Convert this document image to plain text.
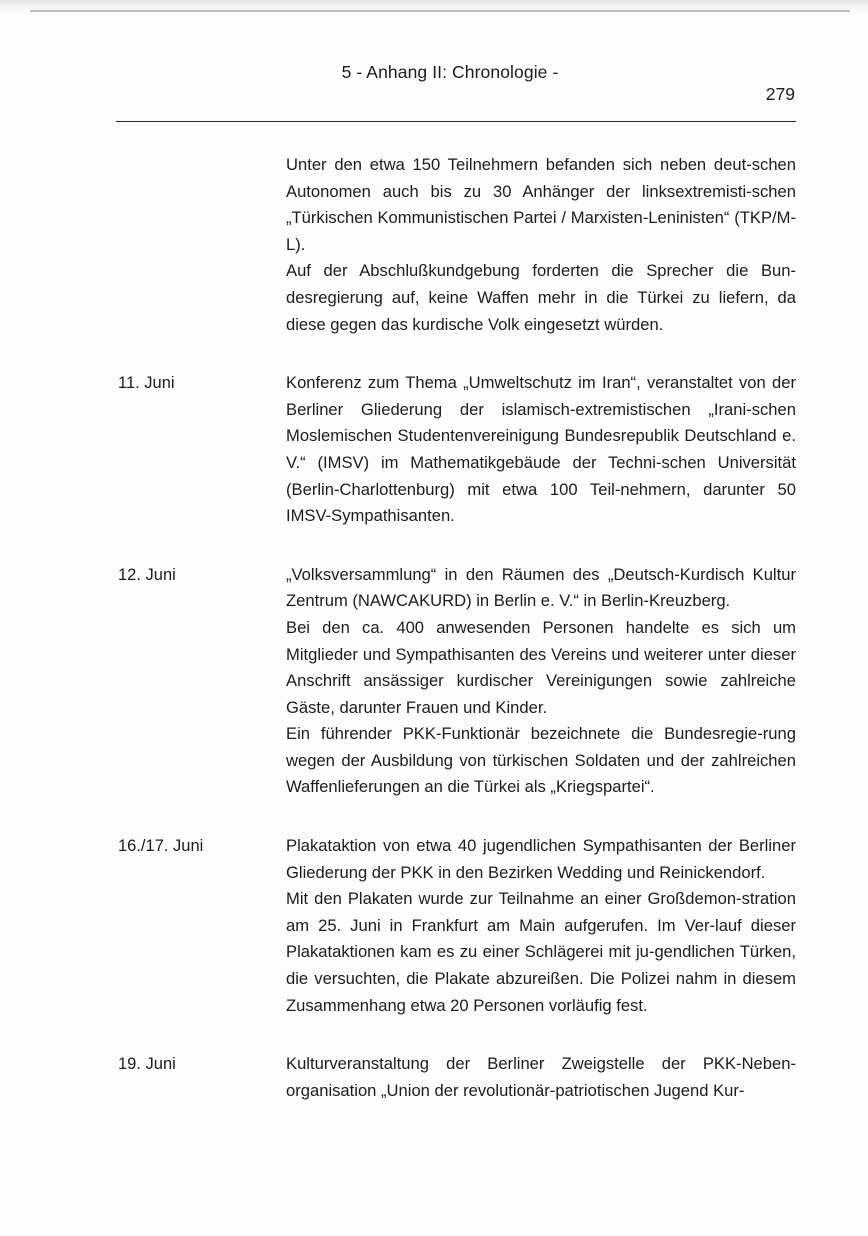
5 - Anhang II: Chronologie -
279

Unter den etwa 150 Teilnehmern befanden sich neben deut-schen Autonomen auch bis zu 30 Anhänger der linksextremisti-schen „Türkischen Kommunistischen Partei / Marxisten-Leninisten“ (TKP/M-L).

Auf der Abschlußkundgebung forderten die Sprecher die Bun-desregierung auf, keine Waffen mehr in die Türkei zu liefern, da diese gegen das kurdische Volk eingesetzt würden.

11. Juni	Konferenz zum Thema „Umweltschutz im Iran“, veranstaltet von der Berliner Gliederung der islamisch-extremistischen „Irani-schen Moslemischen Studentenvereinigung Bundesrepublik Deutschland e. V.“ (IMSV) im Mathematikgebäude der Techni-schen Universität (Berlin-Charlottenburg) mit etwa 100 Teil-nehmern, darunter 50 IMSV-Sympathisanten.

12. Juni	„Volksversammlung“ in den Räumen des „Deutsch-Kurdisch Kultur Zentrum (NAWCAKURD) in Berlin e. V.“ in Berlin-Kreuzberg.

Bei den ca. 400 anwesenden Personen handelte es sich um Mitglieder und Sympathisanten des Vereins und weiterer unter dieser Anschrift ansässiger kurdischer Vereinigungen sowie zahlreiche Gäste, darunter Frauen und Kinder.

Ein führender PKK-Funktionär bezeichnete die Bundesregie-rung wegen der Ausbildung von türkischen Soldaten und der zahlreichen Waffenlieferungen an die Türkei als „Kriegspartei“.

16./17. Juni	Plakataktion von etwa 40 jugendlichen Sympathisanten der Berliner Gliederung der PKK in den Bezirken Wedding und Reinickendorf.

Mit den Plakaten wurde zur Teilnahme an einer Großdemon-stration am 25. Juni in Frankfurt am Main aufgerufen. Im Ver-lauf dieser Plakataktionen kam es zu einer Schlägerei mit ju-gendlichen Türken, die versuchten, die Plakate abzureißen. Die Polizei nahm in diesem Zusammenhang etwa 20 Personen vorläufig fest.

19. Juni	Kulturveranstaltung der Berliner Zweigstelle der PKK-Neben-organisation „Union der revolutionär-patriotischen Jugend Kur-
